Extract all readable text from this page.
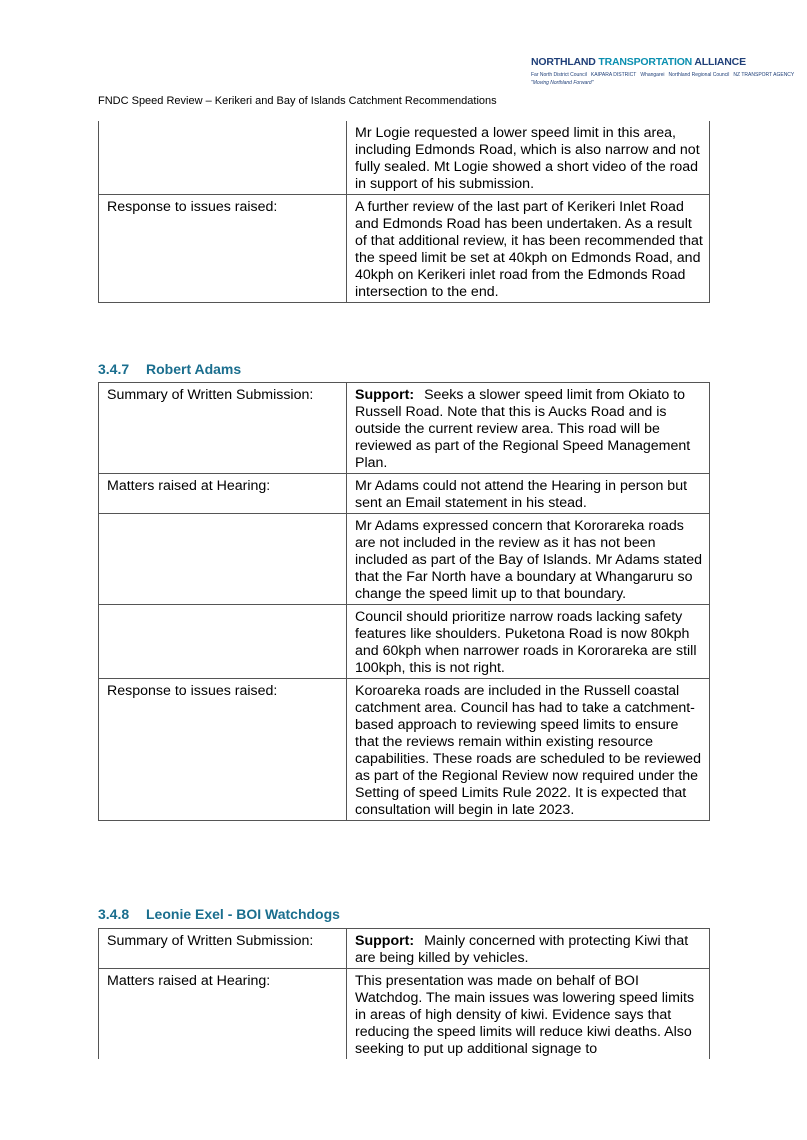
NORTHLAND TRANSPORTATION ALLIANCE
Far North District Council KAIPARA DISTRICT Whangarei Northland Regional Council NZ TRANSPORT AGENCY
"Moving Northland Forward"
FNDC Speed Review – Kerikeri and Bay of Islands Catchment Recommendations

	Mr Logie requested a lower speed limit in this area, including Edmonds Road, which is also narrow and not fully sealed. Mt Logie showed a short video of the road in support of his submission.

Response to issues raised:	A further review of the last part of Kerikeri Inlet Road and Edmonds Road has been undertaken. As a result of that additional review, it has been recommended that the speed limit be set at 40kph on Edmonds Road, and 40kph on Kerikeri inlet road from the Edmonds Road intersection to the end.

3.4.7 Robert Adams
Summary of Written Submission:	Support: Seeks a slower speed limit from Okiato to Russell Road. Note that this is Aucks Road and is outside the current review area. This road will be reviewed as part of the Regional Speed Management Plan.

Matters raised at Hearing:	Mr Adams could not attend the Hearing in person but sent an Email statement in his stead.

	Mr Adams expressed concern that Kororareka roads are not included in the review as it has not been included as part of the Bay of Islands. Mr Adams stated that the Far North have a boundary at Whangaruru so change the speed limit up to that boundary.

	Council should prioritize narrow roads lacking safety features like shoulders. Puketona Road is now 80kph and 60kph when narrower roads in Kororareka are still 100kph, this is not right.

Response to issues raised:	Koroareka roads are included in the Russell coastal catchment area. Council has had to take a catchment-based approach to reviewing speed limits to ensure that the reviews remain within existing resource capabilities. These roads are scheduled to be reviewed as part of the Regional Review now required under the Setting of speed Limits Rule 2022. It is expected that consultation will begin in late 2023.

3.4.8 Leonie Exel - BOI Watchdogs
Summary of Written Submission:	Support: Mainly concerned with protecting Kiwi that are being killed by vehicles.

Matters raised at Hearing:	This presentation was made on behalf of BOI Watchdog. The main issues was lowering speed limits in areas of high density of kiwi. Evidence says that reducing the speed limits will reduce kiwi deaths. Also seeking to put up additional signage to
